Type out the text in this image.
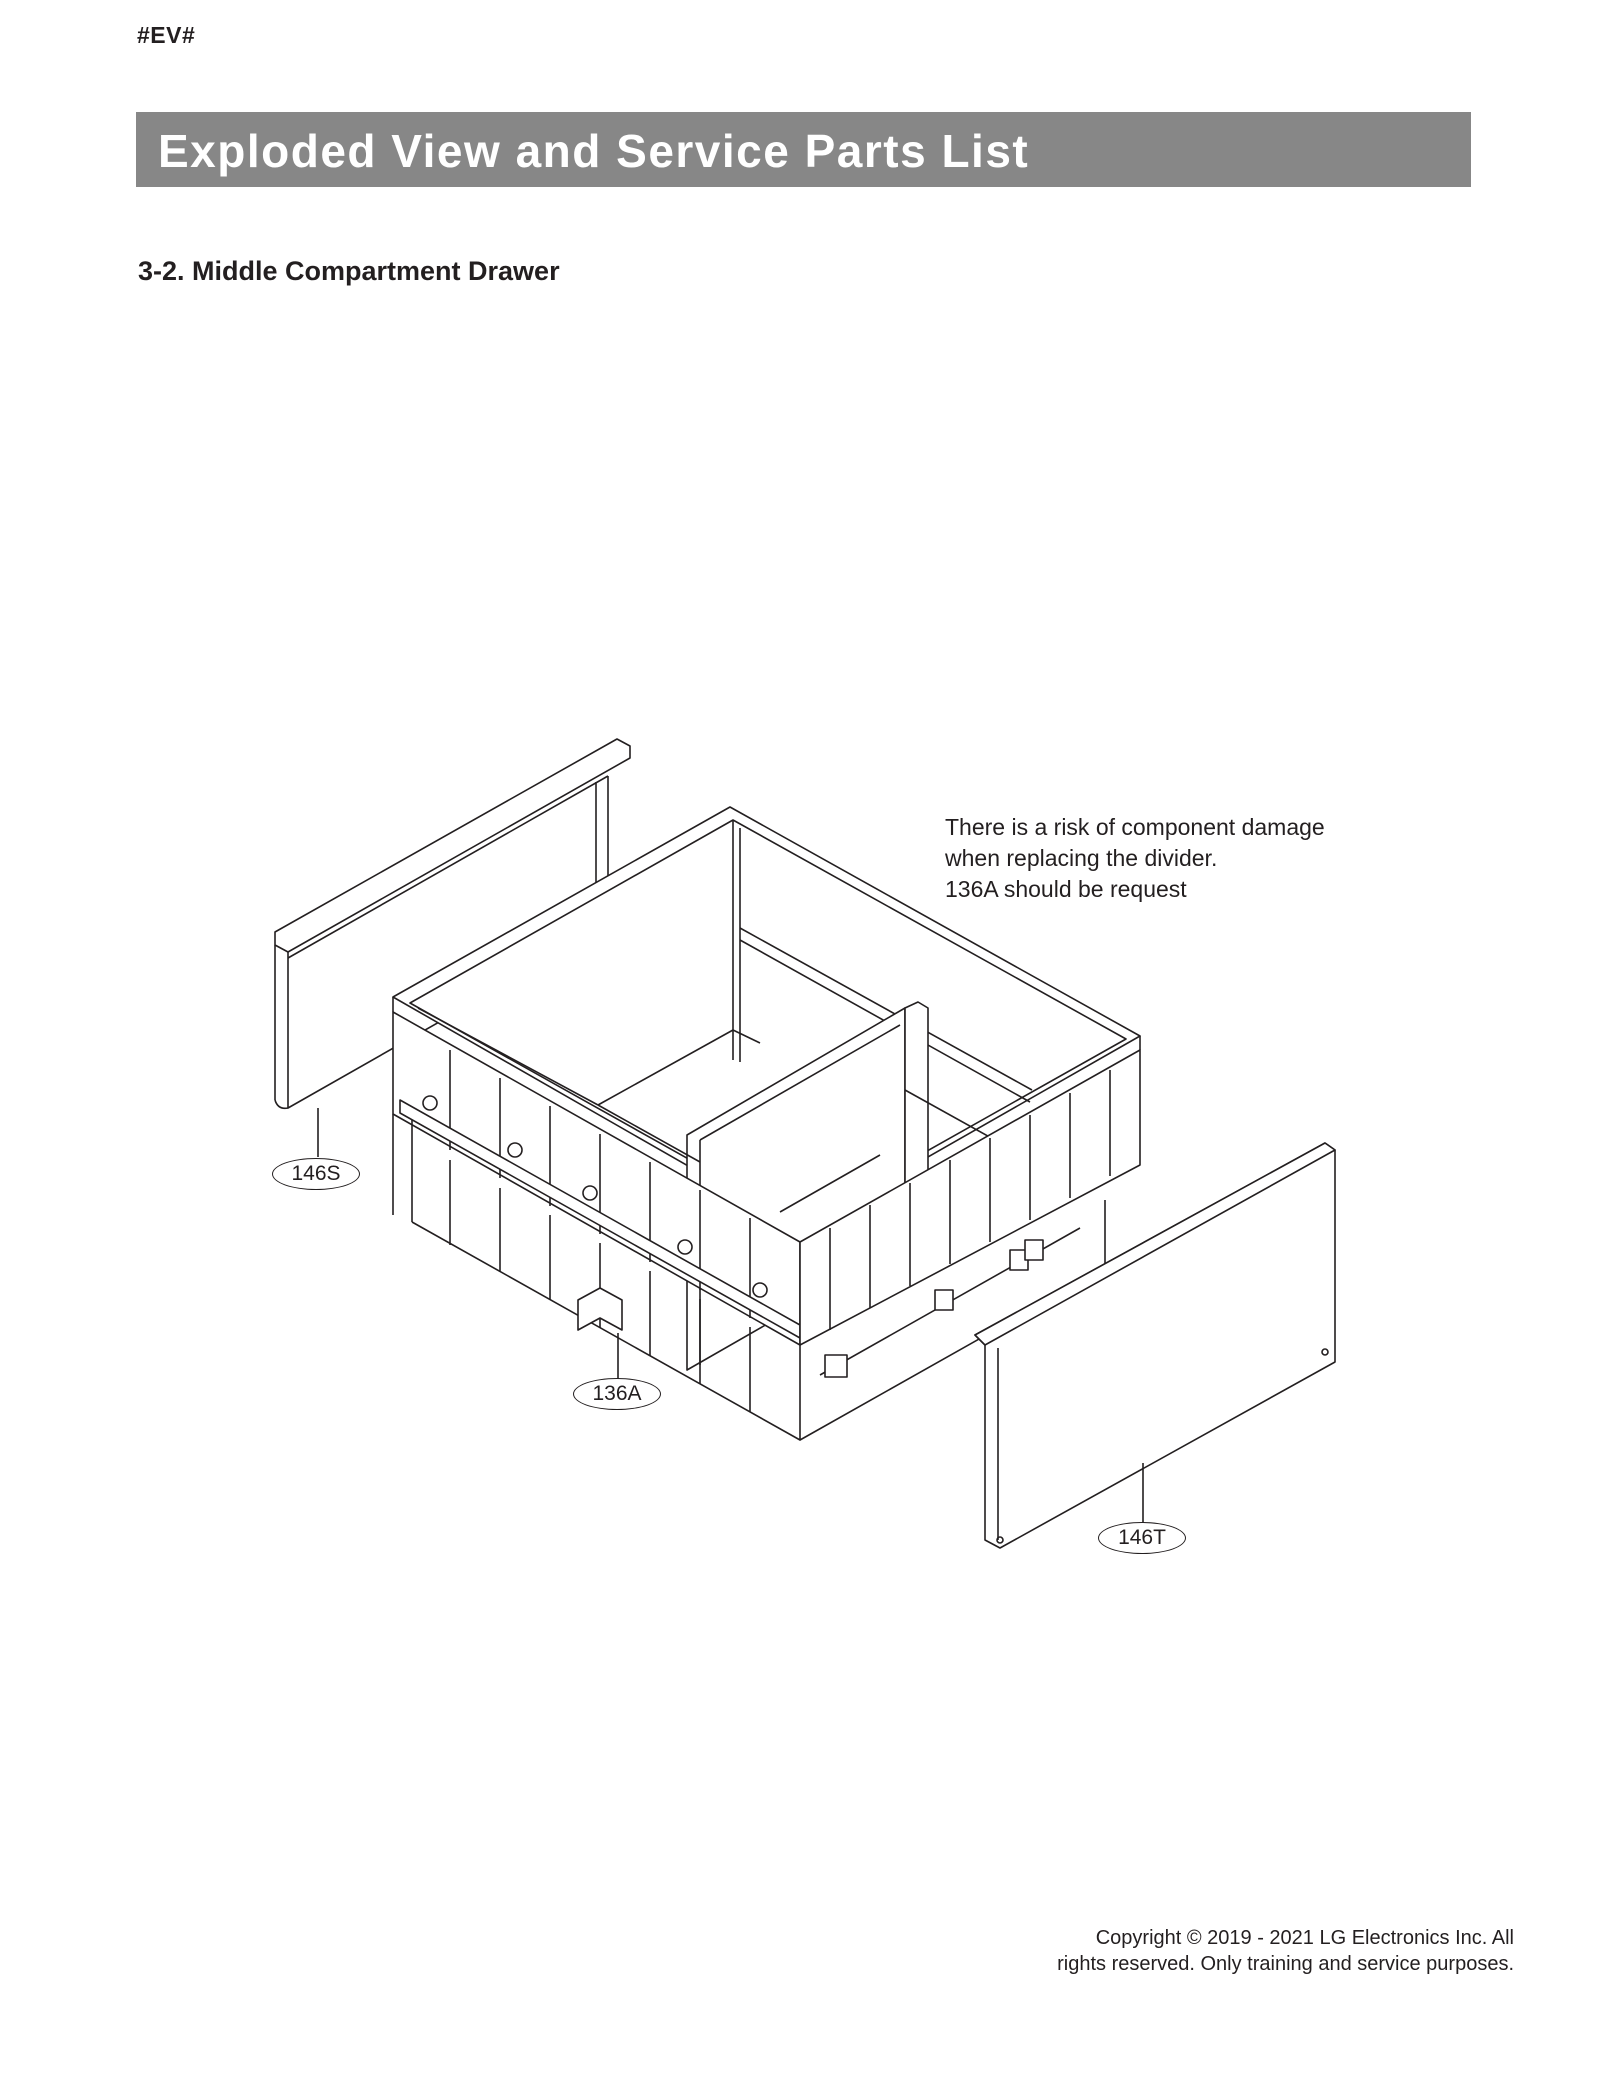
#EV#
Exploded View and Service Parts List
3-2. Middle Compartment Drawer
There is a risk of component damage
when replacing the divider.
136A should be request
146S
136A
146T
Copyright © 2019 - 2021 LG Electronics Inc. All
rights reserved. Only training and service purposes.
